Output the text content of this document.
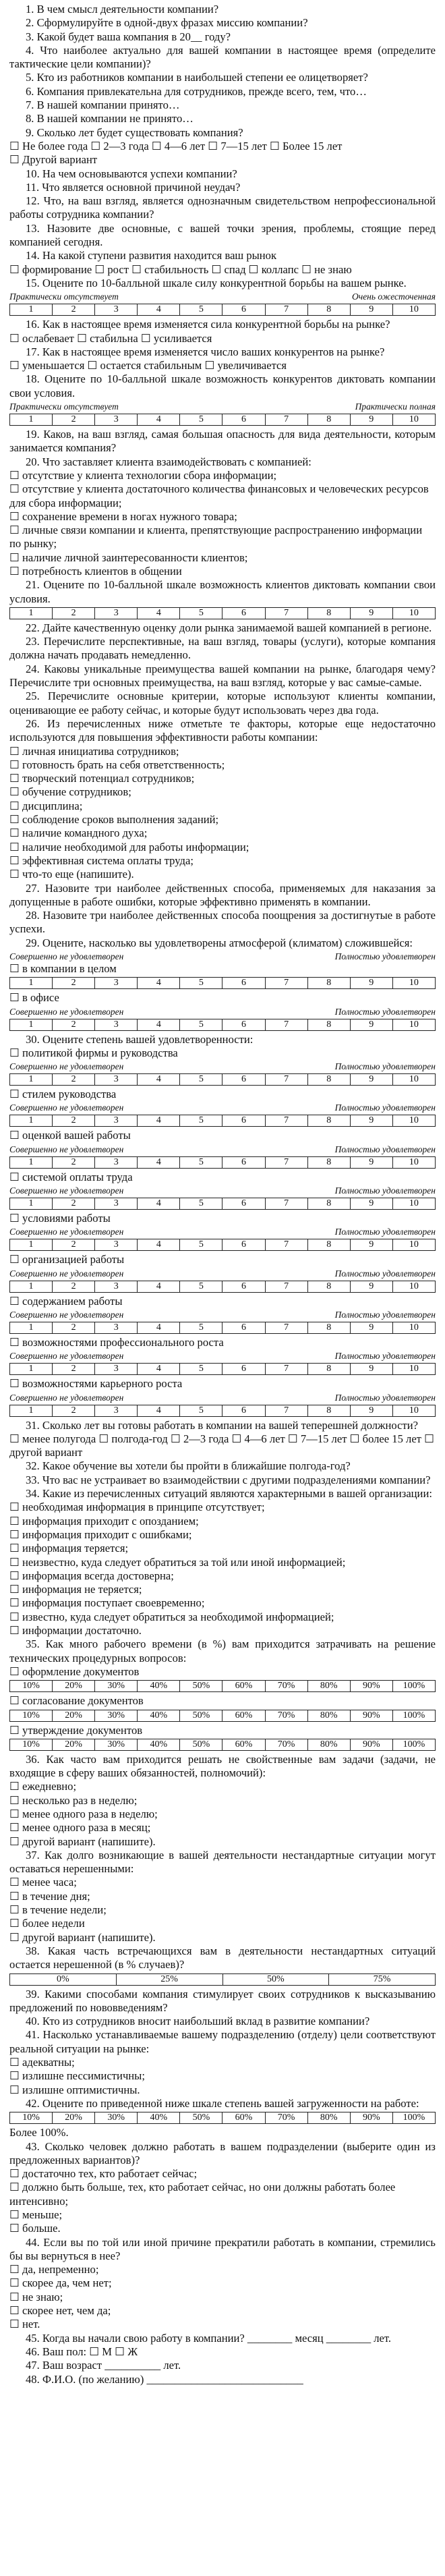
1. В чем смысл деятельности компании?

2. Сформулируйте в одной-двух фразах миссию компании?

3. Какой будет ваша компания в 20__ году?

4. Что наиболее актуально для вашей компании в настоящее время (определите тактические цели компании)?

5. Кто из работников компании в наибольшей степени ее олицетворяет?

6. Компания привлекательна для сотрудников, прежде всего, тем, что…

7. В нашей компании принято…

8. В нашей компании не принято…

9. Сколько лет будет существовать компания?

☐ Не более года ☐ 2—3 года ☐ 4—6 лет ☐ 7—15 лет ☐ Более 15 лет

☐ Другой вариант

10. На чем основываются успехи компании?

11. Что является основной причиной неудач?

12. Что, на ваш взгляд, является однозначным свидетельством непрофессиональной работы сотрудника компании?

13. Назовите две основные, с вашей точки зрения, проблемы, стоящие перед компанией сегодня.

14. На какой ступени развития находится ваш рынок

☐ формирование ☐ рост ☐ стабильность ☐ спад ☐ коллапс ☐ не знаю

15. Оцените по 10-балльной шкале силу конкурентной борьбы на вашем рынке.

Практически отсутствует	Очень ожесточенная
1	2	3	4	5	6	7	8	9	10

16. Как в настоящее время изменяется сила конкурентной борьбы на рынке?

☐ ослабевает ☐ стабильна ☐ усиливается

17. Как в настоящее время изменяется число ваших конкурентов на рынке?

☐ уменьшается ☐ остается стабильным ☐ увеличивается

18. Оцените по 10-балльной шкале возможность конкурентов диктовать компании свои условия.

Практически отсутствует	Практически полная
1	2	3	4	5	6	7	8	9	10

19. Каков, на ваш взгляд, самая большая опасность для вида деятельности, которым занимается компания?

20. Что заставляет клиента взаимодействовать с компанией:

☐ отсутствие у клиента технологии сбора информации;

☐ отсутствие у клиента достаточного количества финансовых и человеческих ресурсов для сбора информации;

☐ сохранение времени в ногах нужного товара;

☐ личные связи компании и клиента, препятствующие распространению информации по рынку;

☐ наличие личной заинтересованности клиентов;

☐ потребность клиентов в общении

21. Оцените по 10-балльной шкале возможность клиентов диктовать компании свои условия.

1	2	3	4	5	6	7	8	9	10

22. Дайте качественную оценку доли рынка занимаемой вашей компанией в регионе.

23. Перечислите перспективные, на ваш взгляд, товары (услуги), которые компания должна начать продавать немедленно.

24. Каковы уникальные преимущества вашей компании на рынке, благодаря чему? Перечислите три основных преимущества, на ваш взгляд, которые у вас самые-самые.

25. Перечислите основные критерии, которые используют клиенты компании, оценивающие ее работу сейчас, и которые будут использовать через два года.

26. Из перечисленных ниже отметьте те факторы, которые еще недостаточно используются для повышения эффективности работы компании:

☐ личная инициатива сотрудников;

☐ готовность брать на себя ответственность;

☐ творческий потенциал сотрудников;

☐ обучение сотрудников;

☐ дисциплина;

☐ соблюдение сроков выполнения заданий;

☐ наличие командного духа;

☐ наличие необходимой для работы информации;

☐ эффективная система оплаты труда;

☐ что-то еще (напишите).

27. Назовите три наиболее действенных способа, применяемых для наказания за допущенные в работе ошибки, которые эффективно применять в компании.

28. Назовите три наиболее действенных способа поощрения за достигнутые в работе успехи.

29. Оцените, насколько вы удовлетворены атмосферой (климатом) сложившейся:

Совершенно не удовлетворен	Полностью удовлетворен

☐ в компании в целом

1	2	3	4	5	6	7	8	9	10

☐ в офисе

Совершенно не удовлетворен	Полностью удовлетворен
1	2	3	4	5	6	7	8	9	10

30. Оцените степень вашей удовлетворенности:

☐ политикой фирмы и руководства

Совершенно не удовлетворен	Полностью удовлетворен
1	2	3	4	5	6	7	8	9	10

☐ стилем руководства

Совершенно не удовлетворен	Полностью удовлетворен
1	2	3	4	5	6	7	8	9	10

☐ оценкой вашей работы

Совершенно не удовлетворен	Полностью удовлетворен
1	2	3	4	5	6	7	8	9	10

☐ системой оплаты труда

Совершенно не удовлетворен	Полностью удовлетворен
1	2	3	4	5	6	7	8	9	10

☐ условиями работы

Совершенно не удовлетворен	Полностью удовлетворен
1	2	3	4	5	6	7	8	9	10

☐ организацией работы

Совершенно не удовлетворен	Полностью удовлетворен
1	2	3	4	5	6	7	8	9	10

☐ содержанием работы

Совершенно не удовлетворен	Полностью удовлетворен
1	2	3	4	5	6	7	8	9	10

☐ возможностями профессионального роста

Совершенно не удовлетворен	Полностью удовлетворен
1	2	3	4	5	6	7	8	9	10

☐ возможностями карьерного роста

Совершенно не удовлетворен	Полностью удовлетворен
1	2	3	4	5	6	7	8	9	10

31. Сколько лет вы готовы работать в компании на вашей теперешней должности?

☐ менее полугода ☐ полгода-год ☐ 2—3 года ☐ 4—6 лет ☐ 7—15 лет ☐ более 15 лет ☐ другой вариант

32. Какое обучение вы хотели бы пройти в ближайшие полгода-год?

33. Что вас не устраивает во взаимодействии с другими подразделениями компании?

34. Какие из перечисленных ситуаций являются характерными в вашей организации:

☐ необходимая информация в принципе отсутствует;

☐ информация приходит с опозданием;

☐ информация приходит с ошибками;

☐ информация теряется;

☐ неизвестно, куда следует обратиться за той или иной информацией;

☐ информация всегда достоверна;

☐ информация не теряется;

☐ информация поступает своевременно;

☐ известно, куда следует обратиться за необходимой информацией;

☐ информации достаточно.

35. Как много рабочего времени (в %) вам приходится затрачивать на решение технических процедурных вопросов:

☐ оформление документов

10%	20%	30%	40%	50%	60%	70%	80%	90%	100%

☐ согласование документов

10%	20%	30%	40%	50%	60%	70%	80%	90%	100%

☐ утверждение документов

10%	20%	30%	40%	50%	60%	70%	80%	90%	100%

36. Как часто вам приходится решать не свойственные вам задачи (задачи, не входящие в сферу ваших обязанностей, полномочий):

☐ ежедневно;

☐ несколько раз в неделю;

☐ менее одного раза в неделю;

☐ менее одного раза в месяц;

☐ другой вариант (напишите).

37. Как долго возникающие в вашей деятельности нестандартные ситуации могут оставаться нерешенными:

☐ менее часа;

☐ в течение дня;

☐ в течение недели;

☐ более недели

☐ другой вариант (напишите).

38. Какая часть встречающихся вам в деятельности нестандартных ситуаций остается нерешенной (в % случаев)?

0%	25%	50%	75%

39. Какими способами компания стимулирует своих сотрудников к высказыванию предложений по нововведениям?

40. Кто из сотрудников вносит наибольший вклад в развитие компании?

41. Насколько устанавливаемые вашему подразделению (отделу) цели соответствуют реальной ситуации на рынке:

☐ адекватны;

☐ излишне пессимистичны;

☐ излишне оптимистичны.

42. Оцените по приведенной ниже шкале степень вашей загруженности на работе:

10%	20%	30%	40%	50%	60%	70%	80%	90%	100%

Более 100%.

43. Сколько человек должно работать в вашем подразделении (выберите один из предложенных вариантов)?

☐ достаточно тех, кто работает сейчас;

☐ должно быть больше, тех, кто работает сейчас, но они должны работать более интенсивно;

☐ меньше;

☐ больше.

44. Если вы по той или иной причине прекратили работать в компании, стремились бы вы вернуться в нее?

☐ да, непременно;

☐ скорее да, чем нет;

☐ не знаю;

☐ скорее нет, чем да;

☐ нет.

45. Когда вы начали свою работу в компании? ________ месяц ________ лет.

46. Ваш пол: ☐ М ☐ Ж

47. Ваш возраст __________ лет.

48. Ф.И.О. (по желанию) ____________________________
